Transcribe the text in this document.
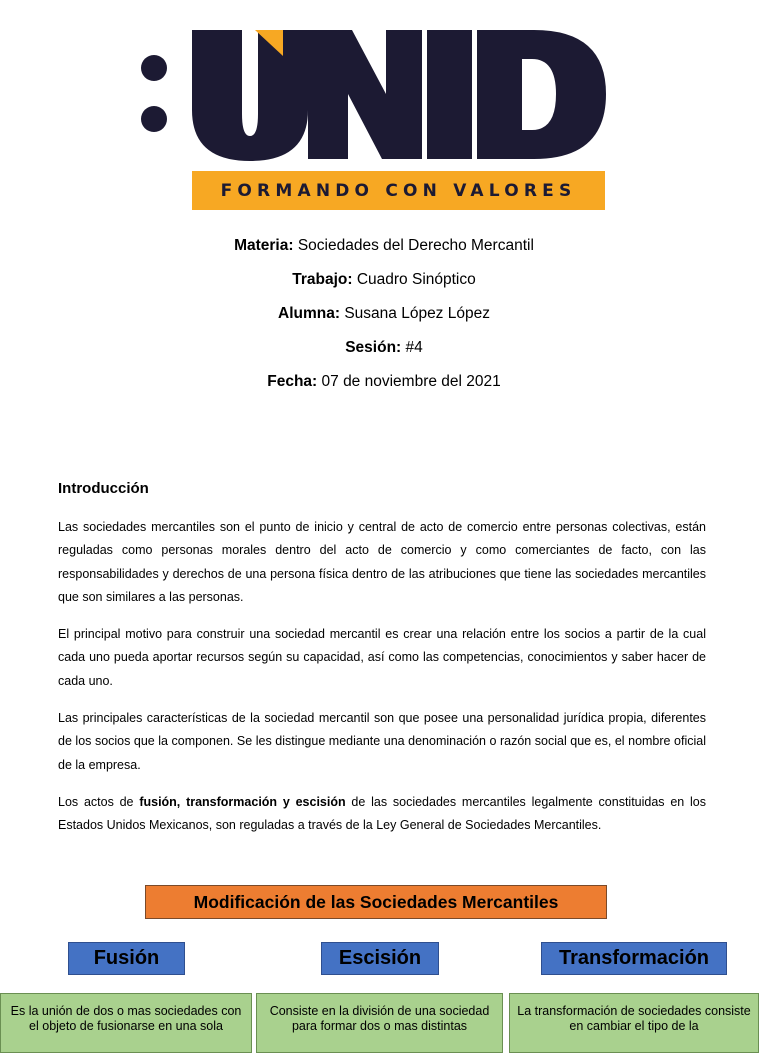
FORMANDO CON VALORES
Materia: Sociedades del Derecho Mercantil
Trabajo: Cuadro Sinóptico
Alumna: Susana López López
Sesión: #4
Fecha: 07 de noviembre del 2021
Introducción

Las sociedades mercantiles son el punto de inicio y central de acto de comercio entre personas colectivas, están reguladas como personas morales dentro del acto de comercio y como comerciantes de facto, con las responsabilidades y derechos de una persona física dentro de las atribuciones que tiene las sociedades mercantiles que son similares a las personas.

El principal motivo para construir una sociedad mercantil es crear una relación entre los socios a partir de la cual cada uno pueda aportar recursos según su capacidad, así como las competencias, conocimientos y saber hacer de cada uno.

Las principales características de la sociedad mercantil son que posee una personalidad jurídica propia, diferentes de los socios que la componen. Se les distingue mediante una denominación o razón social que es, el nombre oficial de la empresa.

Los actos de fusión, transformación y escisión de las sociedades mercantiles legalmente constituidas en los Estados Unidos Mexicanos, son reguladas a través de la Ley General de Sociedades Mercantiles.

Modificación de las Sociedades Mercantiles
Fusión	Escisión	Transformación
Es la unión de dos o mas sociedades con el objeto de fusionarse en una sola
Consiste en la división de una sociedad para formar dos o mas distintas
La transformación de sociedades consiste en cambiar el tipo de la
